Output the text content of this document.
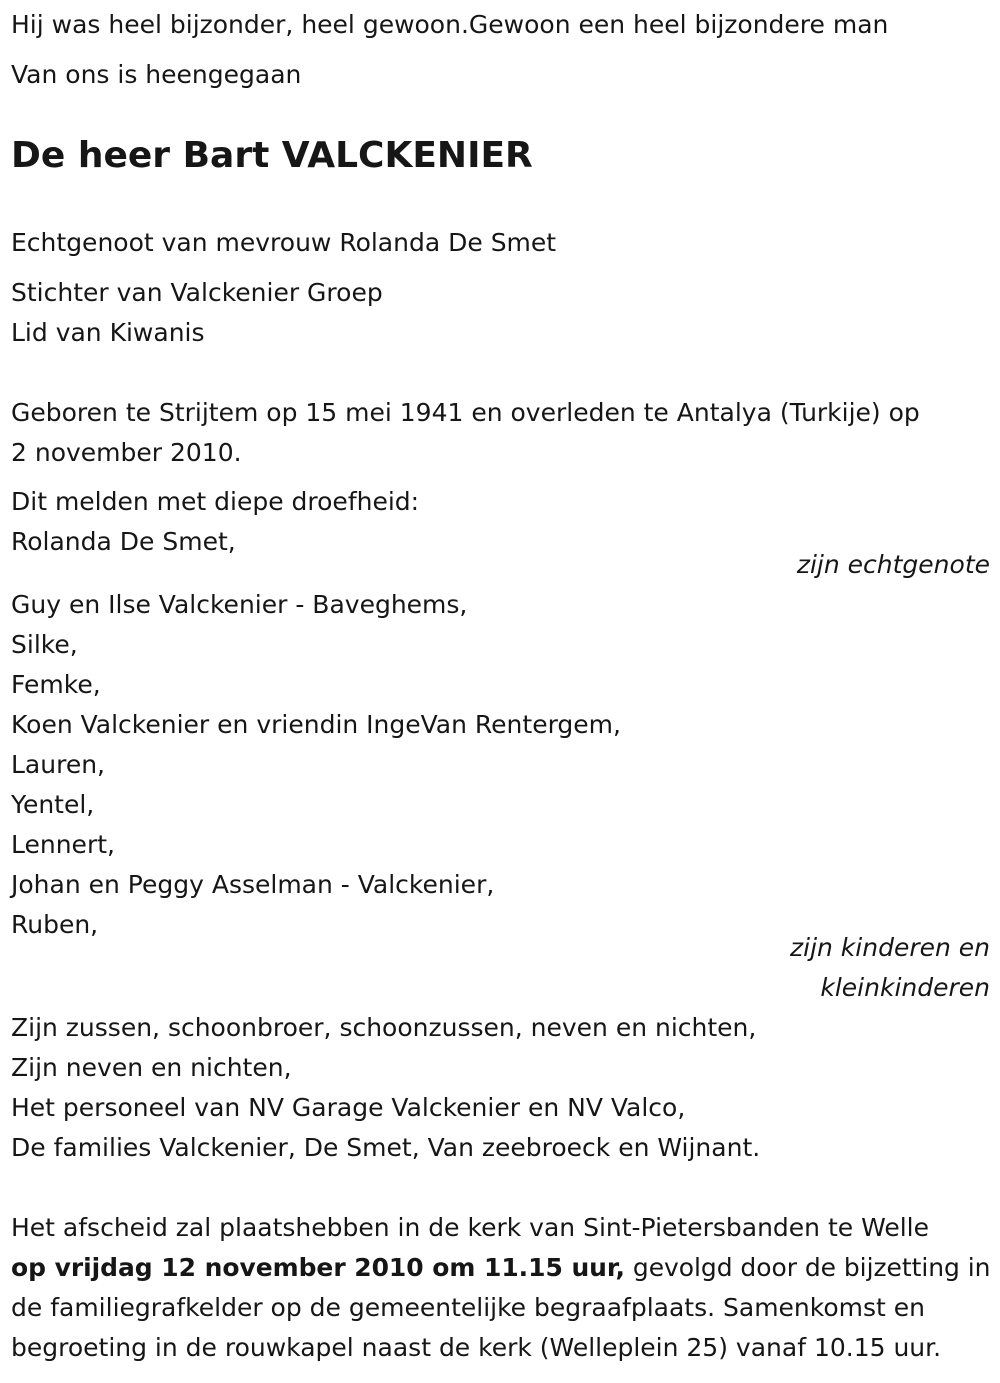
Hij was heel bijzonder, heel gewoon.Gewoon een heel bijzondere man
Van ons is heengegaan
De heer Bart VALCKENIER
Echtgenoot van mevrouw Rolanda De Smet
Stichter van Valckenier Groep
Lid van Kiwanis
Geboren te Strijtem op 15 mei 1941 en overleden te Antalya (Turkije) op
2 november 2010.
Dit melden met diepe droefheid:
Rolanda De Smet,
zijn echtgenote
Guy en Ilse Valckenier - Baveghems,
Silke,
Femke,
Koen Valckenier en vriendin IngeVan Rentergem,
Lauren,
Yentel,
Lennert,
Johan en Peggy Asselman - Valckenier,
Ruben,
zijn kinderen en
kleinkinderen
Zijn zussen, schoonbroer, schoonzussen, neven en nichten,
Zijn neven en nichten,
Het personeel van NV Garage Valckenier en NV Valco,
De families Valckenier, De Smet, Van zeebroeck en Wijnant.
Het afscheid zal plaatshebben in de kerk van Sint-Pietersbanden te Welle
op vrijdag 12 november 2010 om 11.15 uur, gevolgd door de bijzetting in
de familiegrafkelder op de gemeentelijke begraafplaats. Samenkomst en
begroeting in de rouwkapel naast de kerk (Welleplein 25) vanaf 10.15 uur.
